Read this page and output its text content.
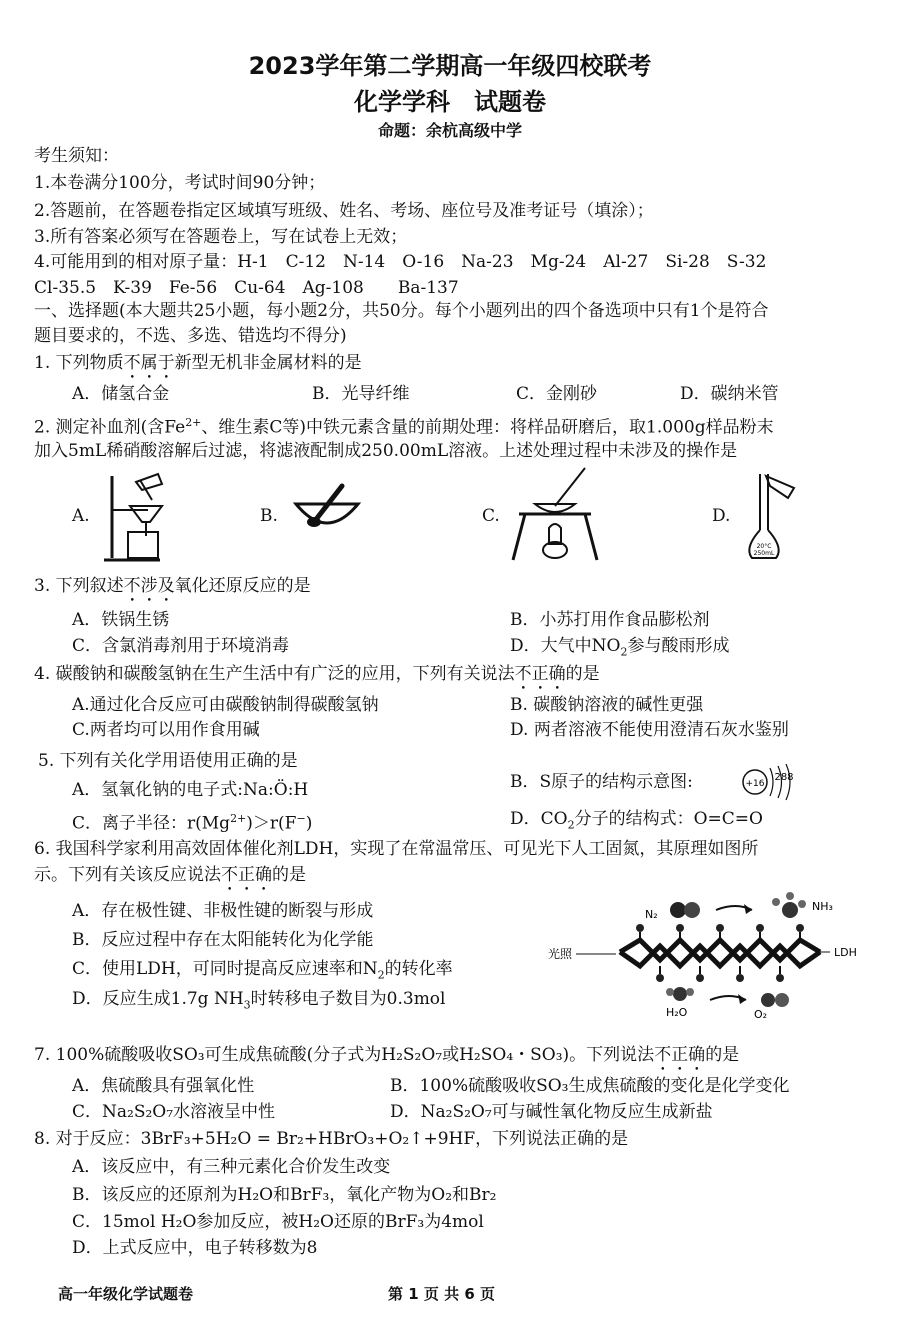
2023学年第二学期高一年级四校联考
化学学科　试题卷
命题：余杭高级中学
考生须知：
1.本卷满分100分，考试时间90分钟；
2.答题前，在答题卷指定区域填写班级、姓名、考场、座位号及准考证号（填涂）；
3.所有答案必须写在答题卷上，写在试卷上无效；
4.可能用到的相对原子量：H-1　C-12　N-14　O-16　Na-23　Mg-24　Al-27　Si-28　S-32
Cl-35.5　K-39　Fe-56　Cu-64　Ag-108　　Ba-137
一、选择题(本大题共25小题，每小题2分，共50分。每个小题列出的四个备选项中只有1个是符合
题目要求的，不选、多选、错选均不得分)
1. 下列物质不属于新型无机非金属材料的是
A．储氢合金	B．光导纤维	C．金刚砂	D．碳纳米管
2. 测定补血剂(含$Fe^{2+}$、维生素C等)中铁元素含量的前期处理：将样品研磨后，取1.000g样品粉末
加入5mL稀硝酸溶解后过滤，将滤液配制成250.00mL溶液。上述处理过程中未涉及的操作是
A.	B.	C.	D.
20°C
250mL
3. 下列叙述不涉及氧化还原反应的是
A．铁锅生锈	B．小苏打用作食品膨松剂
C．含氯消毒剂用于环境消毒	D．大气中$NO_2$参与酸雨形成
4. 碳酸钠和碳酸氢钠在生产生活中有广泛的应用，下列有关说法不正确的是
A.通过化合反应可由碳酸钠制得碳酸氢钠	B. 碳酸钠溶液的碱性更强
C.两者均可以用作食用碱	D. 两者溶液不能使用澄清石灰水鉴别
5. 下列有关化学用语使用正确的是
A．氢氧化钠的电子式:Na:Ö:H	B．S原子的结构示意图:	+16
288
C．离子半径：$r(Mg^{2+})>r(F^-)$	D．$CO_2$分子的结构式：O=C=O
6. 我国科学家利用高效固体催化剂LDH，实现了在常温常压、可见光下人工固氮，其原理如图所
示。下列有关该反应说法不正确的是
A．存在极性键、非极性键的断裂与形成
B．反应过程中存在太阳能转化为化学能
C．使用LDH，可同时提高反应速率和$N_2$的转化率
D．反应生成1.7g $NH_3$时转移电子数目为0.3mol
N₂
NH₃
光照	LDH
H₂O	O₂
7. 100%硫酸吸收SO₃可生成焦硫酸(分子式为H₂S₂O₇或H₂SO₄・SO₃)。下列说法不正确的是
A．焦硫酸具有强氧化性	B．100%硫酸吸收SO₃生成焦硫酸的变化是化学变化
C．Na₂S₂O₇水溶液呈中性	D．Na₂S₂O₇可与碱性氧化物反应生成新盐
8. 对于反应：3BrF₃+5H₂O = Br₂+HBrO₃+O₂↑+9HF，下列说法正确的是
A．该反应中，有三种元素化合价发生改变
B．该反应的还原剂为H₂O和BrF₃，氧化产物为O₂和Br₂
C．15mol H₂O参加反应，被H₂O还原的BrF₃为4mol
D．上式反应中，电子转移数为8
高一年级化学试题卷	第 1 页 共 6 页
